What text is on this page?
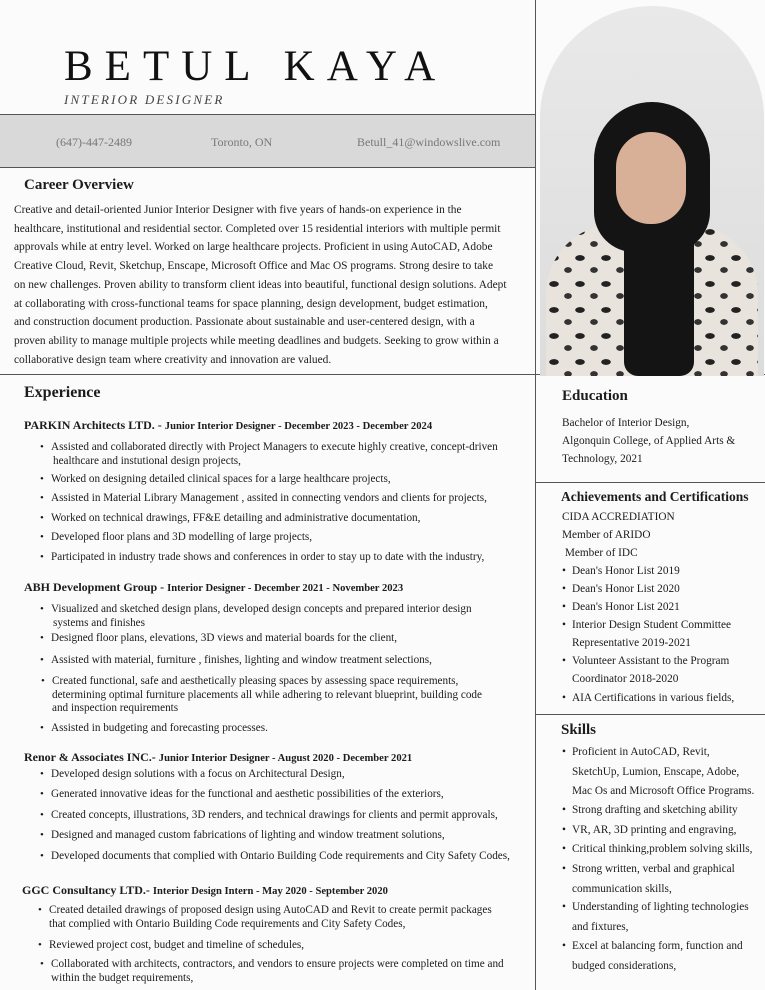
BETUL KAYA
INTERIOR DESIGNER
(647)-447-2489	Toronto, ON	Betull_41@windowslive.com
Career Overview
Creative and detail-oriented Junior Interior Designer with five years of hands-on experience in the
healthcare, institutional and residential sector. Completed over 15 residential interiors with multiple permit
approvals while at entry level. Worked on large healthcare projects. Proficient in using AutoCAD, Adobe
Creative Cloud, Revit, Sketchup, Enscape, Microsoft Office and Mac OS programs. Strong desire to take
on new challenges. Proven ability to transform client ideas into beautiful, functional design solutions. Adept
at collaborating with cross-functional teams for space planning, design development, budget estimation,
and construction document production. Passionate about sustainable and user-centered design, with a
proven ability to manage multiple projects while meeting deadlines and budgets. Seeking to grow within a
collaborative design team where creativity and innovation are valued.
Experience
PARKIN Architects LTD. - Junior Interior Designer - December 2023 - December 2024
• Assisted and collaborated directly with Project Managers to execute highly creative, concept-driven
healthcare and instutional design projects,
• Worked on designing detailed clinical spaces for a large healthcare projects,
• Assisted in Material Library Management , assited in connecting vendors and clients for projects,
• Worked on technical drawings, FF&E detailing and administrative documentation,
• Developed floor plans and 3D modelling of large projects,
• Participated in industry trade shows and conferences in order to stay up to date with the industry,
ABH Development Group - Interior Designer - December 2021 - November 2023
• Visualized and sketched design plans, developed design concepts and prepared interior design
systems and finishes
• Designed floor plans, elevations, 3D views and material boards for the client,
• Assisted with material, furniture , finishes, lighting and window treatment selections,
• Created functional, safe and aesthetically pleasing spaces by assessing space requirements,
determining optimal furniture placements all while adhering to relevant blueprint, building code
and inspection requirements
• Assisted in budgeting and forecasting processes.
Renor & Associates INC.- Junior Interior Designer - August 2020 - December 2021
• Developed design solutions with a focus on Architectural Design,
• Generated innovative ideas for the functional and aesthetic possibilities of the exteriors,
• Created concepts, illustrations, 3D renders, and technical drawings for clients and permit approvals,
• Designed and managed custom fabrications of lighting and window treatment solutions,
• Developed documents that complied with Ontario Building Code requirements and City Safety Codes,
GGC Consultancy LTD.- Interior Design Intern - May 2020 - September 2020
• Created detailed drawings of proposed design using AutoCAD and Revit to create permit packages
that complied with Ontario Building Code requirements and City Safety Codes,
• Reviewed project cost, budget and timeline of schedules,
• Collaborated with architects, contractors, and vendors to ensure projects were completed on time and
within the budget requirements,
Education
Bachelor of Interior Design,
Algonquin College, of Applied Arts &
Technology, 2021
Achievements and Certifications
CIDA ACCREDIATION
Member of ARIDO
Member of IDC
• Dean's Honor List 2019
• Dean's Honor List 2020
• Dean's Honor List 2021
• Interior Design Student Committee
Representative 2019-2021
• Volunteer Assistant to the Program
Coordinator 2018-2020
• AIA Certifications in various fields,
Skills
• Proficient in AutoCAD, Revit,
SketchUp, Lumion, Enscape, Adobe,
Mac Os and Microsoft Office Programs.
• Strong drafting and sketching ability
• VR, AR, 3D printing and engraving,
• Critical thinking,problem solving skills,
• Strong written, verbal and graphical
communication skills,
• Understanding of lighting technologies
and fixtures,
• Excel at balancing form, function and
budged considerations,
